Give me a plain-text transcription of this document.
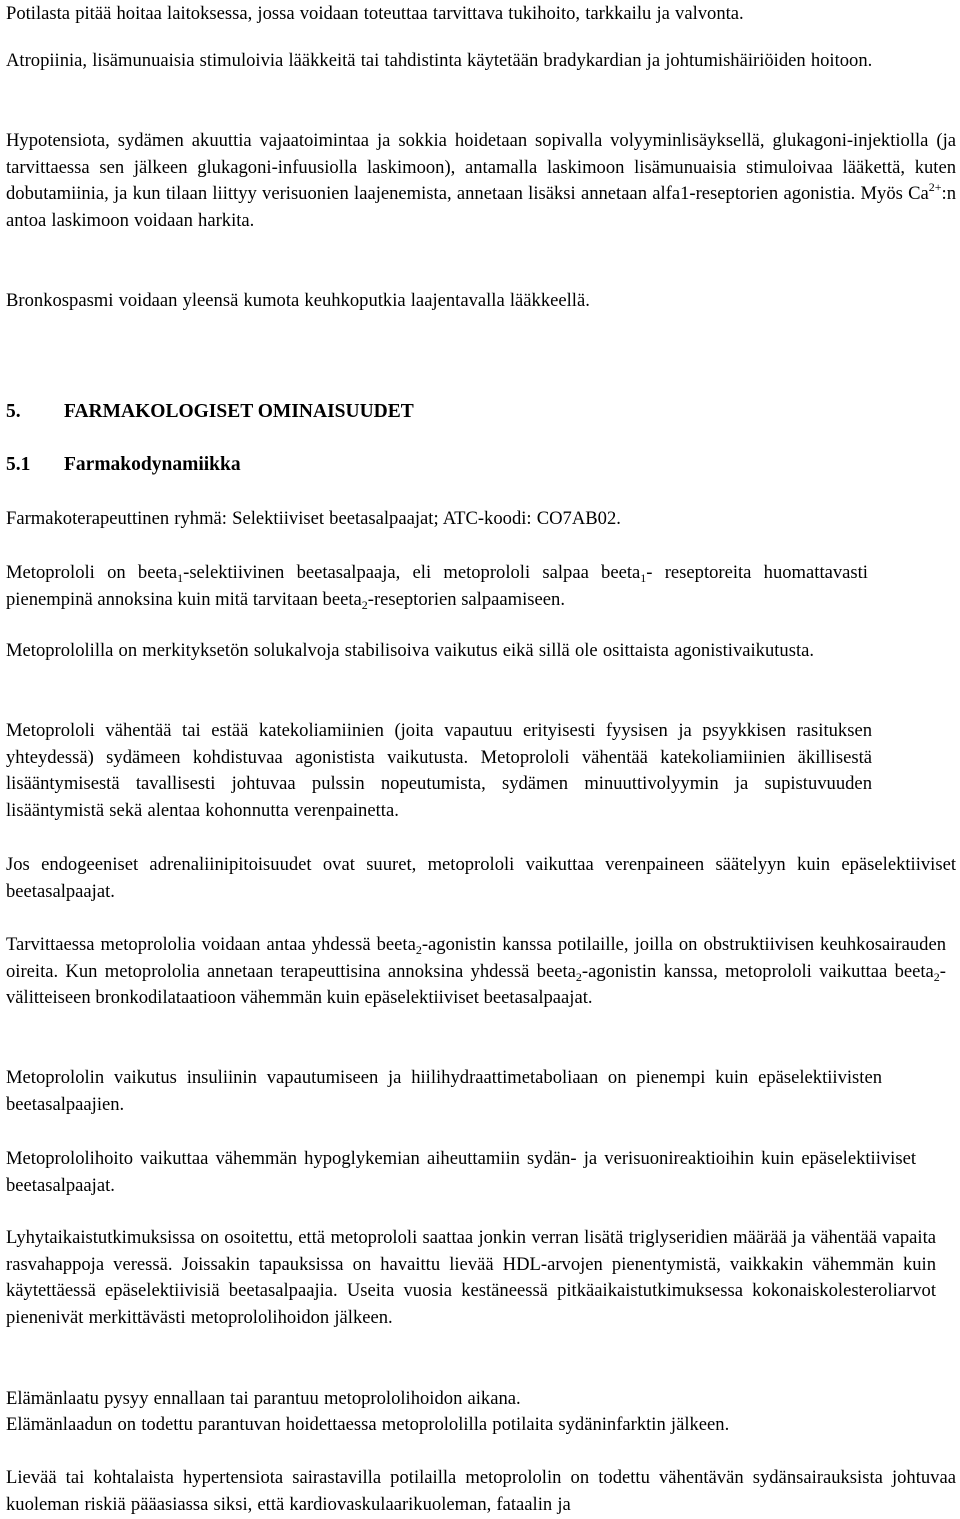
Potilasta pitää hoitaa laitoksessa, jossa voidaan toteuttaa tarvittava tukihoito, tarkkailu ja valvonta.

Atropiinia, lisämunuaisia stimuloivia lääkkeitä tai tahdistinta käytetään bradykardian ja johtumishäiriöiden hoitoon.

Hypotensiota, sydämen akuuttia vajaatoimintaa ja sokkia hoidetaan sopivalla volyyminlisäyksellä, glukagoni-injektiolla (ja tarvittaessa sen jälkeen glukagoni-infuusiolla laskimoon), antamalla laskimoon lisämunuaisia stimuloivaa lääkettä, kuten dobutamiinia, ja kun tilaan liittyy verisuonien laajenemista, annetaan lisäksi annetaan alfa1-reseptorien agonistia. Myös $Ca^{2+}:n$ antoa laskimoon voidaan harkita.

Bronkospasmi voidaan yleensä kumota keuhkoputkia laajentavalla lääkkeellä.

5. FARMAKOLOGISET OMINAISUUDET
5.1 Farmakodynamiikka

Farmakoterapeuttinen ryhmä: Selektiiviset beetasalpaajat; ATC-koodi: CO7AB02.

Metoprololi on beeta$_1$-selektiivinen beetasalpaaja, eli metoprololi salpaa beeta$_1$- reseptoreita huomattavasti pienempinä annoksina kuin mitä tarvitaan beeta$_2$-reseptorien salpaamiseen.

Metoprololilla on merkityksetön solukalvoja stabilisoiva vaikutus eikä sillä ole osittaista agonistivaikutusta.

Metoprololi vähentää tai estää katekoliamiinien (joita vapautuu erityisesti fyysisen ja psyykkisen rasituksen yhteydessä) sydämeen kohdistuvaa agonistista vaikutusta. Metoprololi vähentää katekoliamiinien äkillisestä lisääntymisestä tavallisesti johtuvaa pulssin nopeutumista, sydämen minuuttivolyymin ja supistuvuuden lisääntymistä sekä alentaa kohonnutta verenpainetta.

Jos endogeeniset adrenaliinipitoisuudet ovat suuret, metoprololi vaikuttaa verenpaineen säätelyyn kuin epäselektiiviset beetasalpaajat.

Tarvittaessa metoprololia voidaan antaa yhdessä beeta$_2$-agonistin kanssa potilaille, joilla on obstruktiivisen keuhkosairauden oireita. Kun metoprololia annetaan terapeuttisina annoksina yhdessä beeta$_2$-agonistin kanssa, metoprololi vaikuttaa beeta$_2$-välitteiseen bronkodilataatioon vähemmän kuin epäselektiiviset beetasalpaajat.

Metoprololin vaikutus insuliinin vapautumiseen ja hiilihydraattimetaboliaan on pienempi kuin epäselektiivisten beetasalpaajien.

Metoprololihoito vaikuttaa vähemmän hypoglykemian aiheuttamiin sydän- ja verisuonireaktioihin kuin epäselektiiviset beetasalpaajat.

Lyhytaikaistutkimuksissa on osoitettu, että metoprololi saattaa jonkin verran lisätä triglyseridien määrää ja vähentää vapaita rasvahappoja veressä. Joissakin tapauksissa on havaittu lievää HDL-arvojen pienentymistä, vaikkakin vähemmän kuin käytettäessä epäselektiivisiä beetasalpaajia. Useita vuosia kestäneessä pitkäaikaistutkimuksessa kokonaiskolesteroliarvot pienenivät merkittävästi metoprololihoidon jälkeen.

Elämänlaatu pysyy ennallaan tai parantuu metoprololihoidon aikana.

Elämänlaadun on todettu parantuvan hoidettaessa metoprololilla potilaita sydäninfarktin jälkeen.

Lievää tai kohtalaista hypertensiota sairastavilla potilailla metoprololin on todettu vähentävän sydänsairauksista johtuvaa kuoleman riskiä pääasiassa siksi, että kardiovaskulaarikuoleman, fataalin ja
